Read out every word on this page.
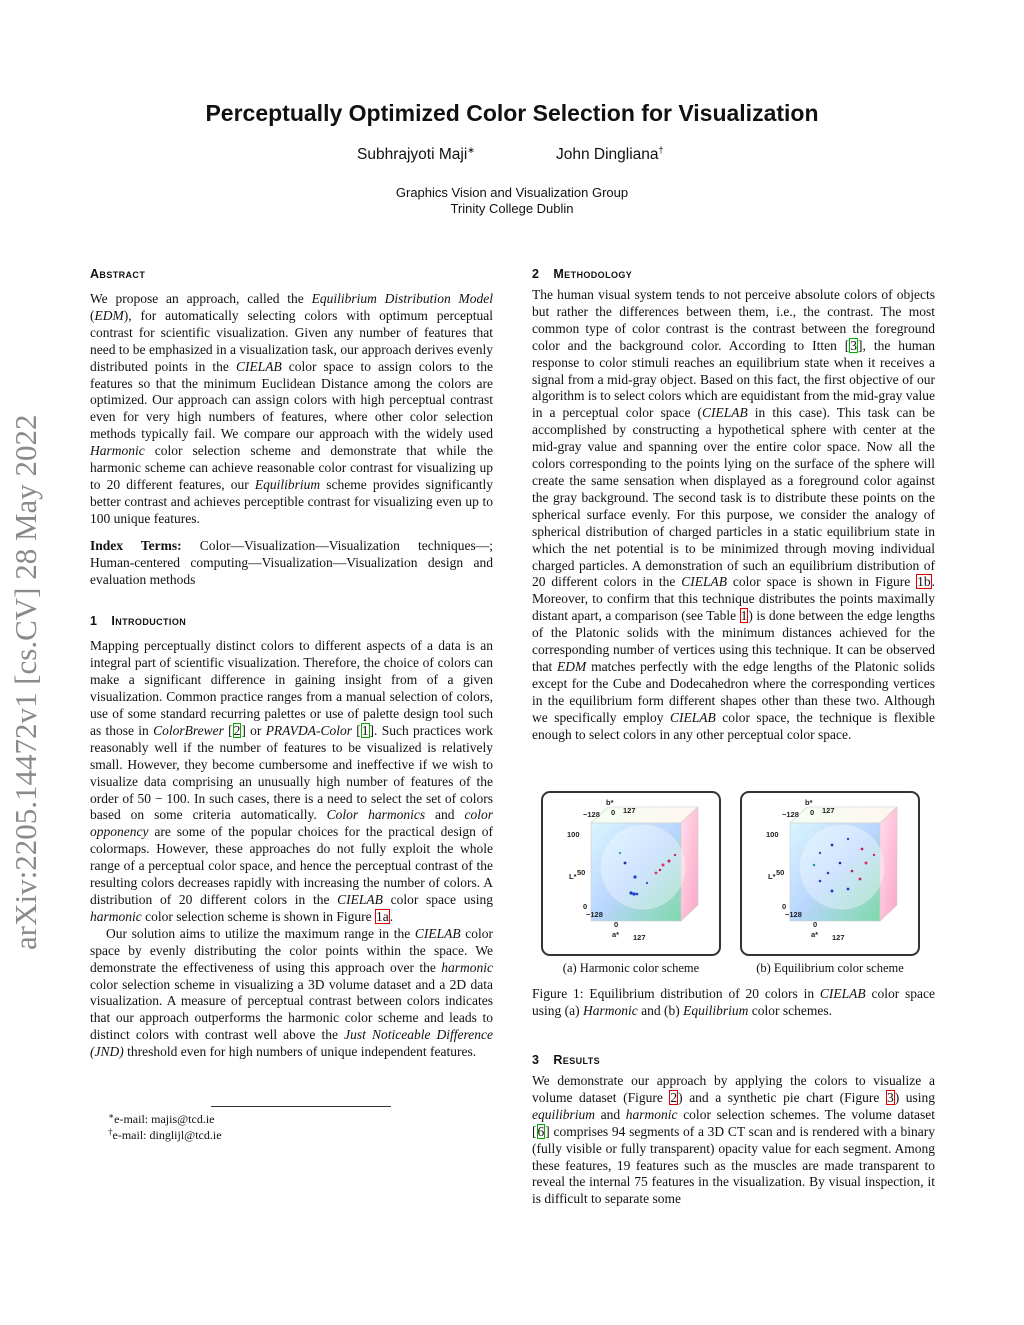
Perceptually Optimized Color Selection for Visualization
Subhrajyoti Maji∗	John Dingliana†
Graphics Vision and Visualization Group
Trinity College Dublin
arXiv:2205.14472v1 [cs.CV] 28 May 2022
Abstract

We propose an approach, called the Equilibrium Distribution Model (EDM), for automatically selecting colors with optimum perceptual contrast for scientific visualization. Given any number of features that need to be emphasized in a visualization task, our approach derives evenly distributed points in the CIELAB color space to assign colors to the features so that the minimum Euclidean Distance among the colors are optimized. Our approach can assign colors with high perceptual contrast even for very high numbers of features, where other color selection methods typically fail. We compare our approach with the widely used Harmonic color selection scheme and demonstrate that while the harmonic scheme can achieve reasonable color contrast for visualizing up to 20 different features, our Equilibrium scheme provides significantly better contrast and achieves perceptible contrast for visualizing even up to 100 unique features.

Index Terms: Color—Visualization—Visualization techniques—; Human-centered computing—Visualization—Visualization design and evaluation methods

1 Introduction

Mapping perceptually distinct colors to different aspects of a data is an integral part of scientific visualization. Therefore, the choice of colors can make a significant difference in gaining insight from of a given visualization. Common practice ranges from a manual selection of colors, use of some standard recurring palettes or use of palette design tool such as those in ColorBrewer [2] or PRAVDA-Color [1]. Such practices work reasonably well if the number of features to be visualized is relatively small. However, they become cumbersome and ineffective if we wish to visualize data comprising an unusually high number of features of the order of 50 − 100. In such cases, there is a need to select the set of colors based on some criteria automatically. Color harmonics and color opponency are some of the popular choices for the practical design of colormaps. However, these approaches do not fully exploit the whole range of a perceptual color space, and hence the perceptual contrast of the resulting colors decreases rapidly with increasing the number of colors. A distribution of 20 different colors in the CIELAB color space using harmonic color selection scheme is shown in Figure 1a.

Our solution aims to utilize the maximum range in the CIELAB color space by evenly distributing the color points within the space. We demonstrate the effectiveness of using this approach over the harmonic color selection scheme in visualizing a 3D volume dataset and a 2D data visualization. A measure of perceptual contrast between colors indicates that our approach outperforms the harmonic color scheme and leads to distinct colors with contrast well above the Just Noticeable Difference (JND) threshold even for high numbers of unique independent features.

∗e-mail: majis@tcd.ie
†e-mail: dinglijl@tcd.ie
2 Methodology

The human visual system tends to not perceive absolute colors of objects but rather the differences between them, i.e., the contrast. The most common type of color contrast is the contrast between the foreground color and the background color. According to Itten [3], the human response to color stimuli reaches an equilibrium state when it receives a signal from a mid-gray object. Based on this fact, the first objective of our algorithm is to select colors which are equidistant from the mid-gray value in a perceptual color space (CIELAB in this case). This task can be accomplished by constructing a hypothetical sphere with center at the mid-gray value and spanning over the entire color space. Now all the colors corresponding to the points lying on the surface of the sphere will create the same sensation when displayed as a foreground color against the gray background. The second task is to distribute these points on the spherical surface evenly. For this purpose, we consider the analogy of spherical distribution of charged particles in a static equilibrium state in which the net potential is to be minimized through moving individual charged particles. A demonstration of such an equilibrium distribution of 20 different colors in the CIELAB color space is shown in Figure 1b. Moreover, to confirm that this technique distributes the points maximally distant apart, a comparison (see Table 1) is done between the edge lengths of the Platonic solids with the minimum distances achieved for the corresponding number of vertices using this technique. It can be observed that EDM matches perfectly with the edge lengths of the Platonic solids except for the Cube and Dodecahedron where the corresponding vertices in the equilibrium form different shapes other than these two. Although we specifically employ CIELAB color space, the technique is flexible enough to select colors in any other perceptual color space.

b*
0
−128	127
100
L* 50
0
−128
0
a* 127
b*
0
−128	127
100
L* 50
0
−128
0
a* 127
(a) Harmonic color scheme	(b) Equilibrium color scheme

Figure 1: Equilibrium distribution of 20 colors in CIELAB color space using (a) Harmonic and (b) Equilibrium color schemes.

3 Results

We demonstrate our approach by applying the colors to visualize a volume dataset (Figure 2) and a synthetic pie chart (Figure 3) using equilibrium and harmonic color selection schemes. The volume dataset [6] comprises 94 segments of a 3D CT scan and is rendered with a binary (fully visible or fully transparent) opacity value for each segment. Among these features, 19 features such as the muscles are made transparent to reveal the internal 75 features in the visualization. By visual inspection, it is difficult to separate some
